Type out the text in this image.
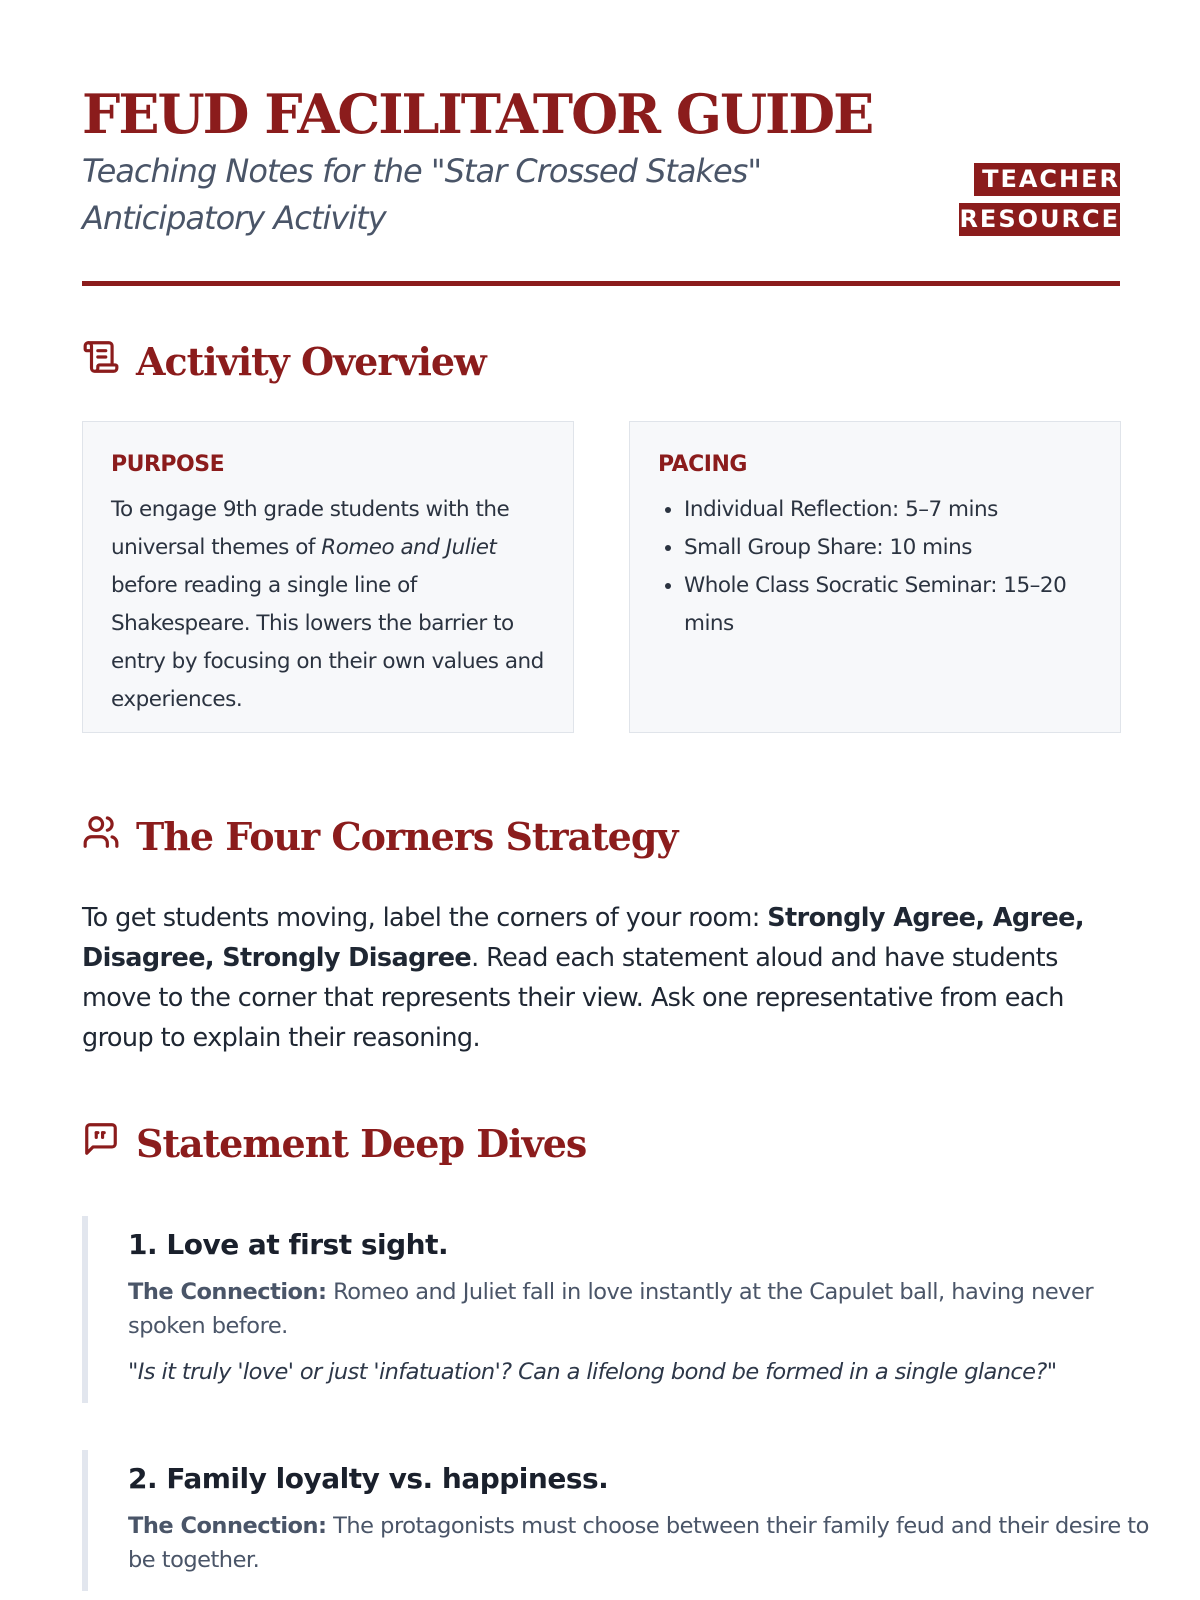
FEUD FACILITATOR GUIDE

Teaching Notes for the "Star Crossed Stakes" Anticipatory Activity

TEACHER RESOURCE
Activity Overview

PURPOSE

To engage 9th grade students with the universal themes of Romeo and Juliet before reading a single line of Shakespeare. This lowers the barrier to entry by focusing on their own values and experiences.

PACING

• Individual Reflection: 5–7 mins
• Small Group Share: 10 mins
• Whole Class Socratic Seminar: 15–20 mins
The Four Corners Strategy

To get students moving, label the corners of your room: Strongly Agree, Agree, Disagree, Strongly Disagree. Read each statement aloud and have students move to the corner that represents their view. Ask one representative from each group to explain their reasoning.

Statement Deep Dives

1. Love at first sight.

The Connection: Romeo and Juliet fall in love instantly at the Capulet ball, having never spoken before.

"Is it truly 'love' or just 'infatuation'? Can a lifelong bond be formed in a single glance?"

2. Family loyalty vs. happiness.

The Connection: The protagonists must choose between their family feud and their desire to be together.
